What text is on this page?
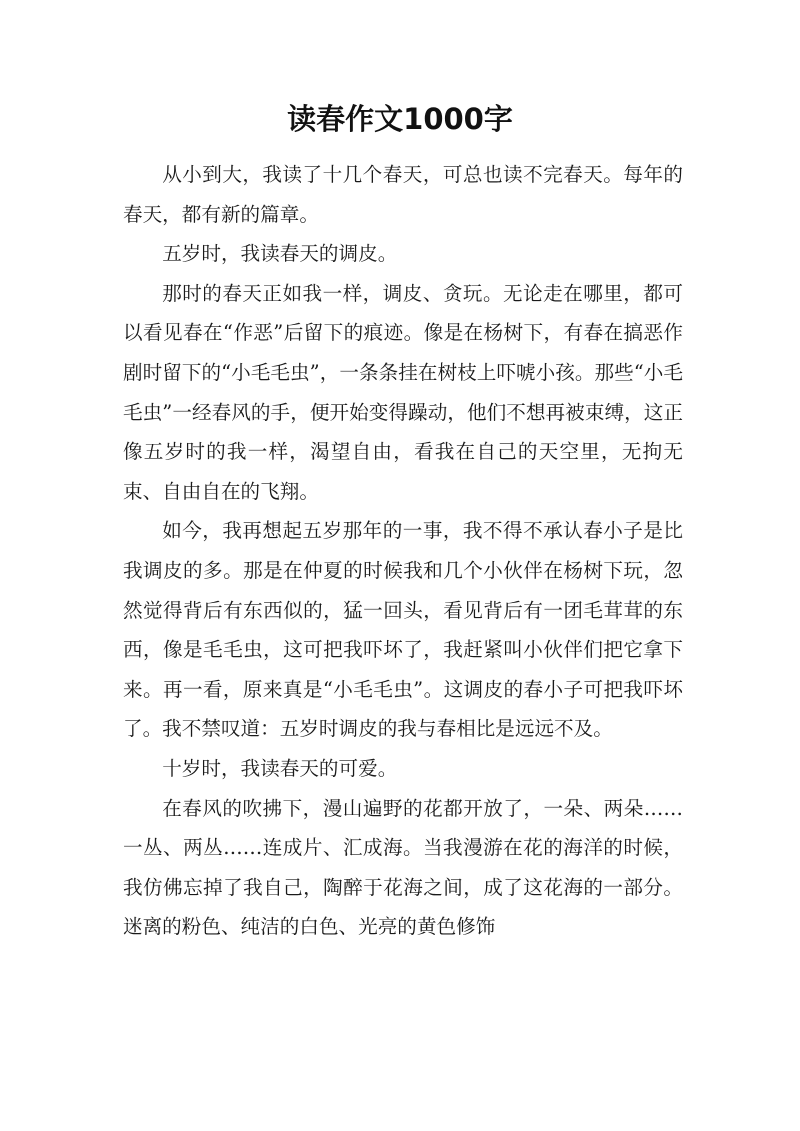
读春作文1000字

从小到大，我读了十几个春天，可总也读不完春天。每年的春天，都有新的篇章。

五岁时，我读春天的调皮。

那时的春天正如我一样，调皮、贪玩。无论走在哪里，都可以看见春在“作恶”后留下的痕迹。像是在杨树下，有春在搞恶作剧时留下的“小毛毛虫”，一条条挂在树枝上吓唬小孩。那些“小毛毛虫”一经春风的手，便开始变得躁动，他们不想再被束缚，这正像五岁时的我一样，渴望自由，看我在自己的天空里，无拘无束、自由自在的飞翔。

如今，我再想起五岁那年的一事，我不得不承认春小子是比我调皮的多。那是在仲夏的时候我和几个小伙伴在杨树下玩，忽然觉得背后有东西似的，猛一回头，看见背后有一团毛茸茸的东西，像是毛毛虫，这可把我吓坏了，我赶紧叫小伙伴们把它拿下来。再一看，原来真是“小毛毛虫”。这调皮的春小子可把我吓坏了。我不禁叹道：五岁时调皮的我与春相比是远远不及。

十岁时，我读春天的可爱。

在春风的吹拂下，漫山遍野的花都开放了，一朵、两朵……一丛、两丛……连成片、汇成海。当我漫游在花的海洋的时候，我仿佛忘掉了我自己，陶醉于花海之间，成了这花海的一部分。迷离的粉色、纯洁的白色、光亮的黄色修饰
